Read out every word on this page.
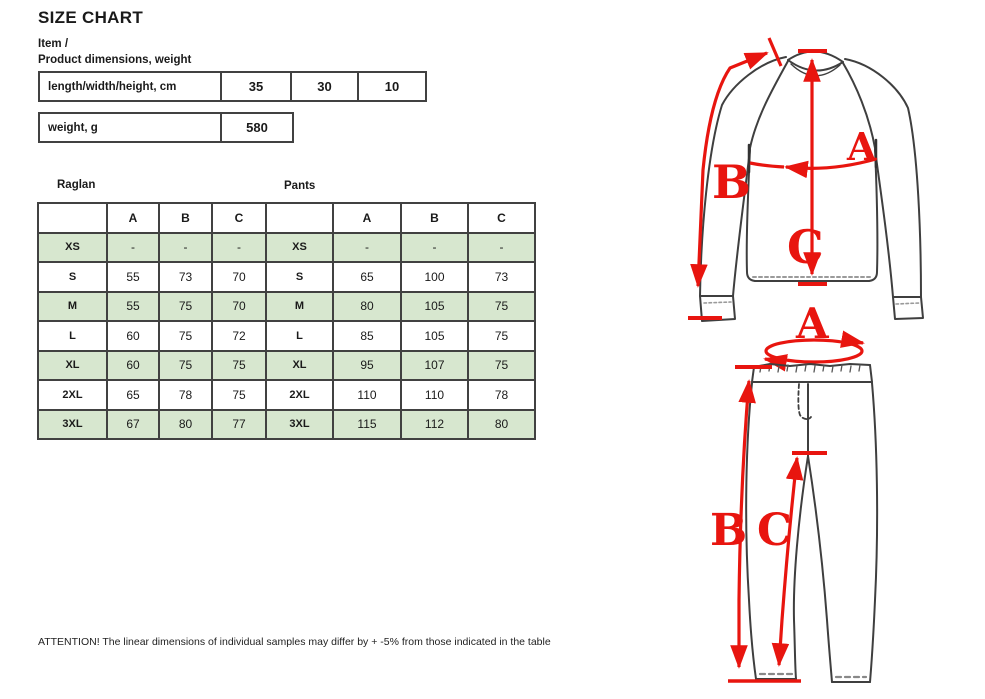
SIZE CHART
Item /
Product dimensions, weight
length/width/height, cm	35	30	10
weight, g	580
Raglan	Pants
	A	B	C		A	B	C
XS	-	-	-	XS	-	-	-
S	55	73	70	S	65	100	73
M	55	75	70	M	80	105	75
L	60	75	72	L	85	105	75
XL	60	75	75	XL	95	107	75
2XL	65	78	75	2XL	110	110	78
3XL	67	80	77	3XL	115	112	80
ATTENTION! The linear dimensions of individual samples may differ by + -5% from those indicated in the table
A
B
C
A
B C
